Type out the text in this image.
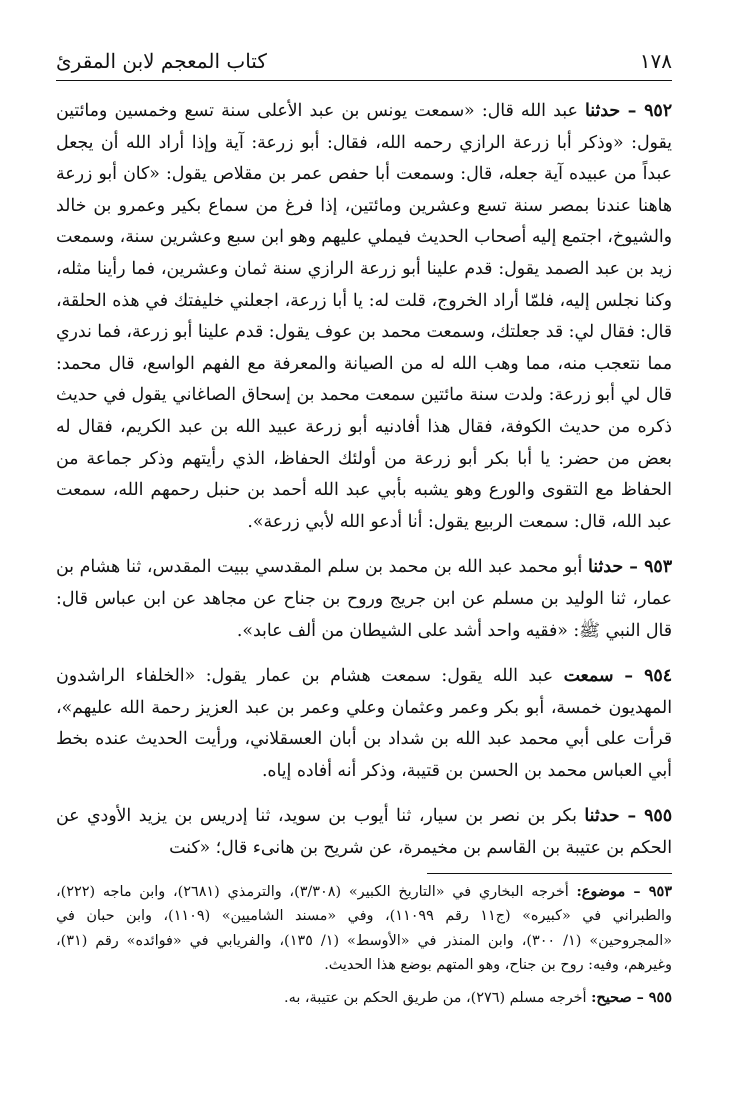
١٧٨
كتاب المعجم لابن المقرئ

٩٥٢ – حدثنا عبد الله قال: «سمعت يونس بن عبد الأعلى سنة تسع وخمسين ومائتين يقول: «وذكر أبا زرعة الرازي رحمه الله، فقال: أبو زرعة: آية وإذا أراد الله أن يجعل عبداً من عبيده آية جعله، قال: وسمعت أبا حفص عمر بن مقلاص يقول: «كان أبو زرعة هاهنا عندنا بمصر سنة تسع وعشرين ومائتين، إذا فرغ من سماع بكير وعمرو بن خالد والشيوخ، اجتمع إليه أصحاب الحديث فيملي عليهم وهو ابن سبع وعشرين سنة، وسمعت زيد بن عبد الصمد يقول: قدم علينا أبو زرعة الرازي سنة ثمان وعشرين، فما رأينا مثله، وكنا نجلس إليه، فلمّا أراد الخروج، قلت له: يا أبا زرعة، اجعلني خليفتك في هذه الحلقة، قال: فقال لي: قد جعلتك، وسمعت محمد بن عوف يقول: قدم علينا أبو زرعة، فما ندري مما نتعجب منه، مما وهب الله له من الصيانة والمعرفة مع الفهم الواسع، قال محمد: قال لي أبو زرعة: ولدت سنة مائتين سمعت محمد بن إسحاق الصاغاني يقول في حديث ذكره من حديث الكوفة، فقال هذا أفادنيه أبو زرعة عبيد الله بن عبد الكريم، فقال له بعض من حضر: يا أبا بكر أبو زرعة من أولئك الحفاظ، الذي رأيتهم وذكر جماعة من الحفاظ مع التقوى والورع وهو يشبه بأبي عبد الله أحمد بن حنبل رحمهم الله، سمعت عبد الله، قال: سمعت الربيع يقول: أنا أدعو الله لأبي زرعة».

٩٥٣ – حدثنا أبو محمد عبد الله بن محمد بن سلم المقدسي ببيت المقدس، ثنا هشام بن عمار، ثنا الوليد بن مسلم عن ابن جريج وروح بن جناح عن مجاهد عن ابن عباس قال: قال النبي ﷺ: «فقيه واحد أشد على الشيطان من ألف عابد».

٩٥٤ – سمعت عبد الله يقول: سمعت هشام بن عمار يقول: «الخلفاء الراشدون المهديون خمسة، أبو بكر وعمر وعثمان وعلي وعمر بن عبد العزيز رحمة الله عليهم»، قرأت على أبي محمد عبد الله بن شداد بن أبان العسقلاني، ورأيت الحديث عنده بخط أبي العباس محمد بن الحسن بن قتيبة، وذكر أنه أفاده إياه.

٩٥٥ – حدثنا بكر بن نصر بن سيار، ثنا أيوب بن سويد، ثنا إدريس بن يزيد الأودي عن الحكم بن عتيبة بن القاسم بن مخيمرة، عن شريح بن هانىء قال؛ «كنت

٩٥٣ – موضوع: أخرجه البخاري في «التاريخ الكبير» (٣/٣٠٨)، والترمذي (٢٦٨١)، وابن ماجه (٢٢٢)، والطبراني في «كبيره» (ج١١ رقم ١١٠٩٩)، وفي «مسند الشاميين» (١١٠٩)، وابن حبان في «المجروحين» (١/ ٣٠٠)، وابن المنذر في «الأوسط» (١/ ١٣٥)، والفريابي في «فوائده» رقم (٣١)، وغيرهم، وفيه: روح بن جناح، وهو المتهم بوضع هذا الحديث.

٩٥٥ – صحيح: أخرجه مسلم (٢٧٦)، من طريق الحكم بن عتيبة، به.
